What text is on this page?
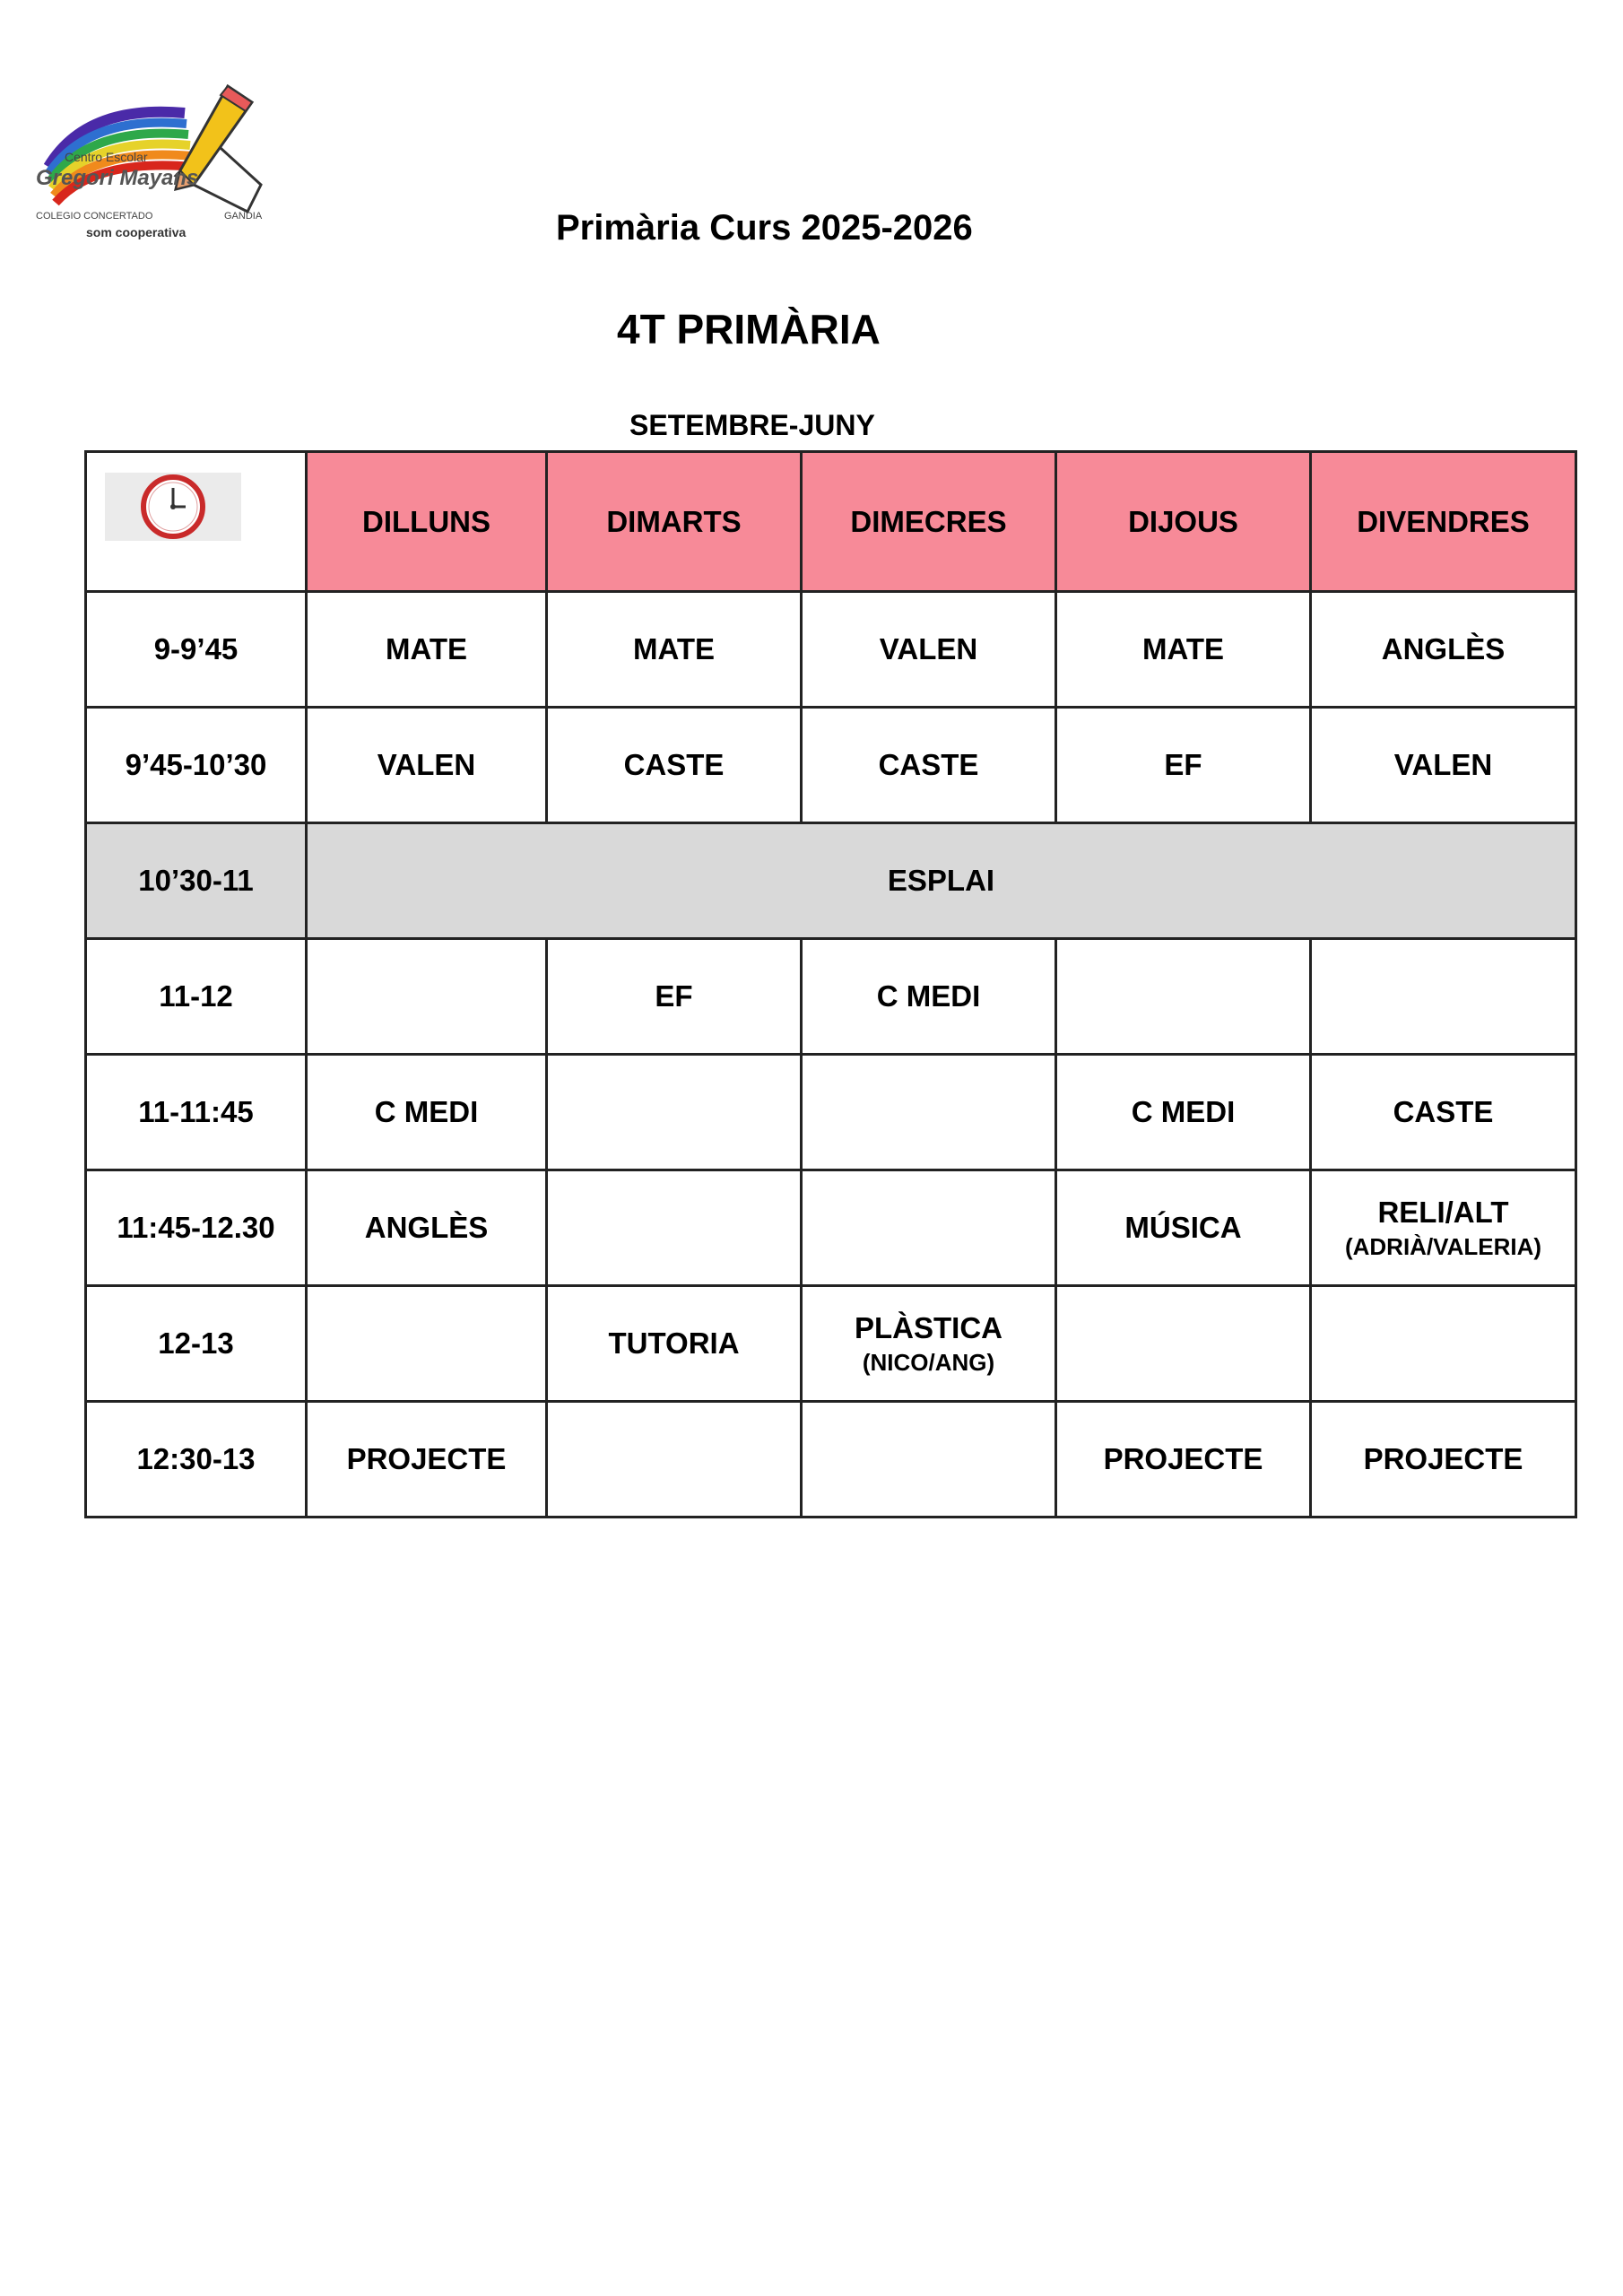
Centro Escolar
Gregori Mayans
COLEGIO CONCERTADO	GANDIA
som cooperativa	Primària Curs 2025-2026
4T PRIMÀRIA
SETEMBRE-JUNY
	DILLUNS	DIMARTS	DIMECRES	DIJOUS	DIVENDRES
9-9’45	MATE	MATE	VALEN	MATE	ANGLÈS
9’45-10’30	VALEN	CASTE	CASTE	EF	VALEN
10’30-11	ESPLAI				
11-12		EF	C MEDI		
11-11:45	C MEDI			C MEDI	CASTE
11:45-12.30	ANGLÈS			MÚSICA	RELI/ALT
(ADRIÀ/VALERIA)

12-13		TUTORIA	PLÀSTICA
(NICO/ANG)		

12:30-13	PROJECTE			PROJECTE	PROJECTE
